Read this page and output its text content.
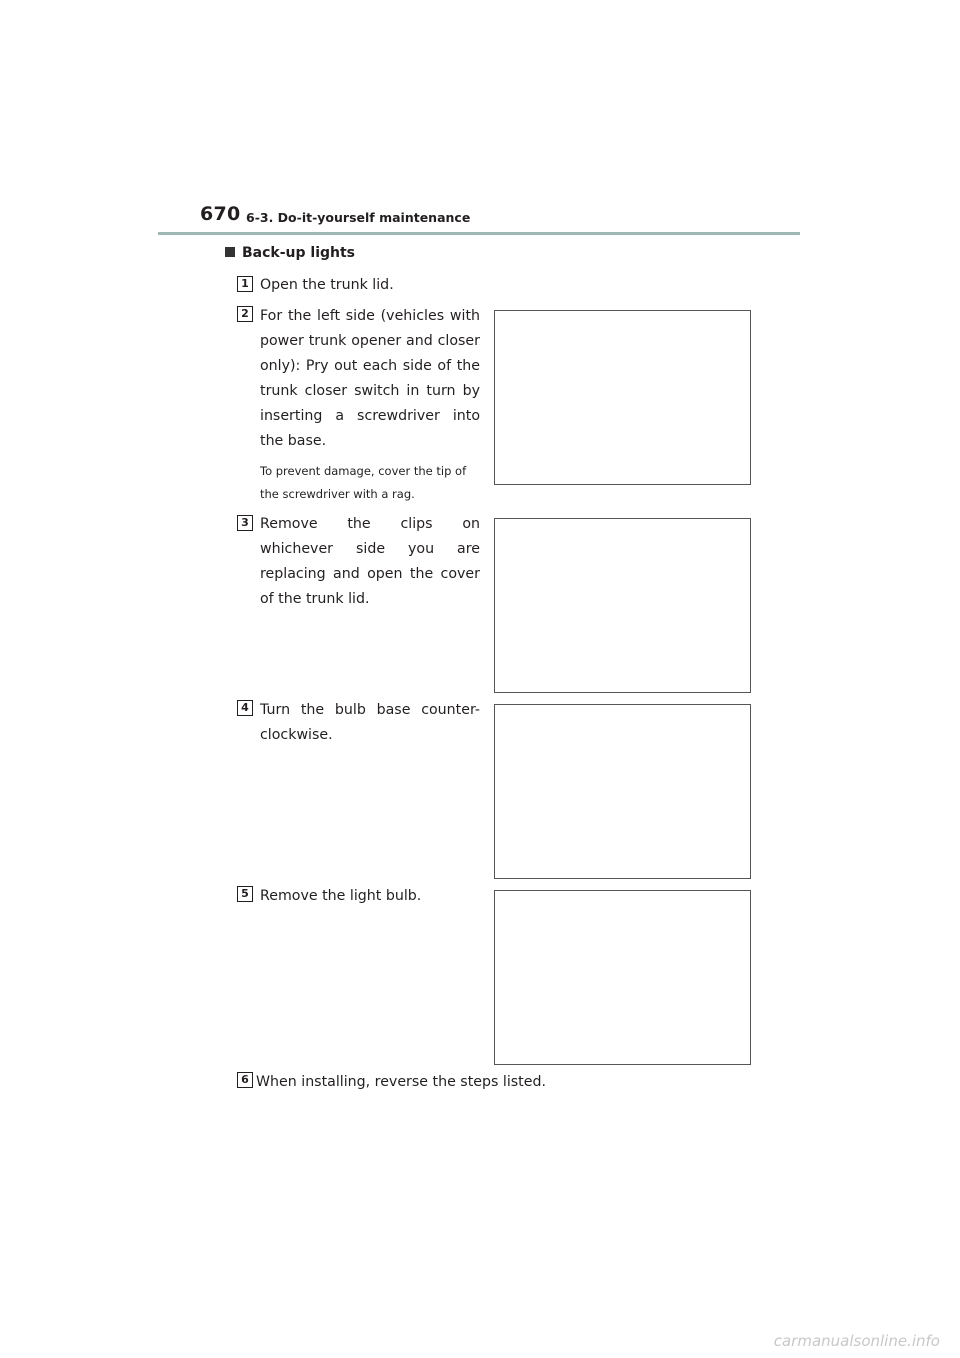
670 6-3. Do-it-yourself maintenance
Back-up lights
1 Open the trunk lid.
2 For the left side (vehicles with power trunk opener and closer only): Pry out each side of the trunk closer switch in turn by inserting a screwdriver into the base.
To prevent damage, cover the tip of the screwdriver with a rag.
3 Remove the clips on whichever side you are replacing and open the cover of the trunk lid.
4 Turn the bulb base counter-clockwise.
5 Remove the light bulb.
6 When installing, reverse the steps listed.
carmanualsonline.info
